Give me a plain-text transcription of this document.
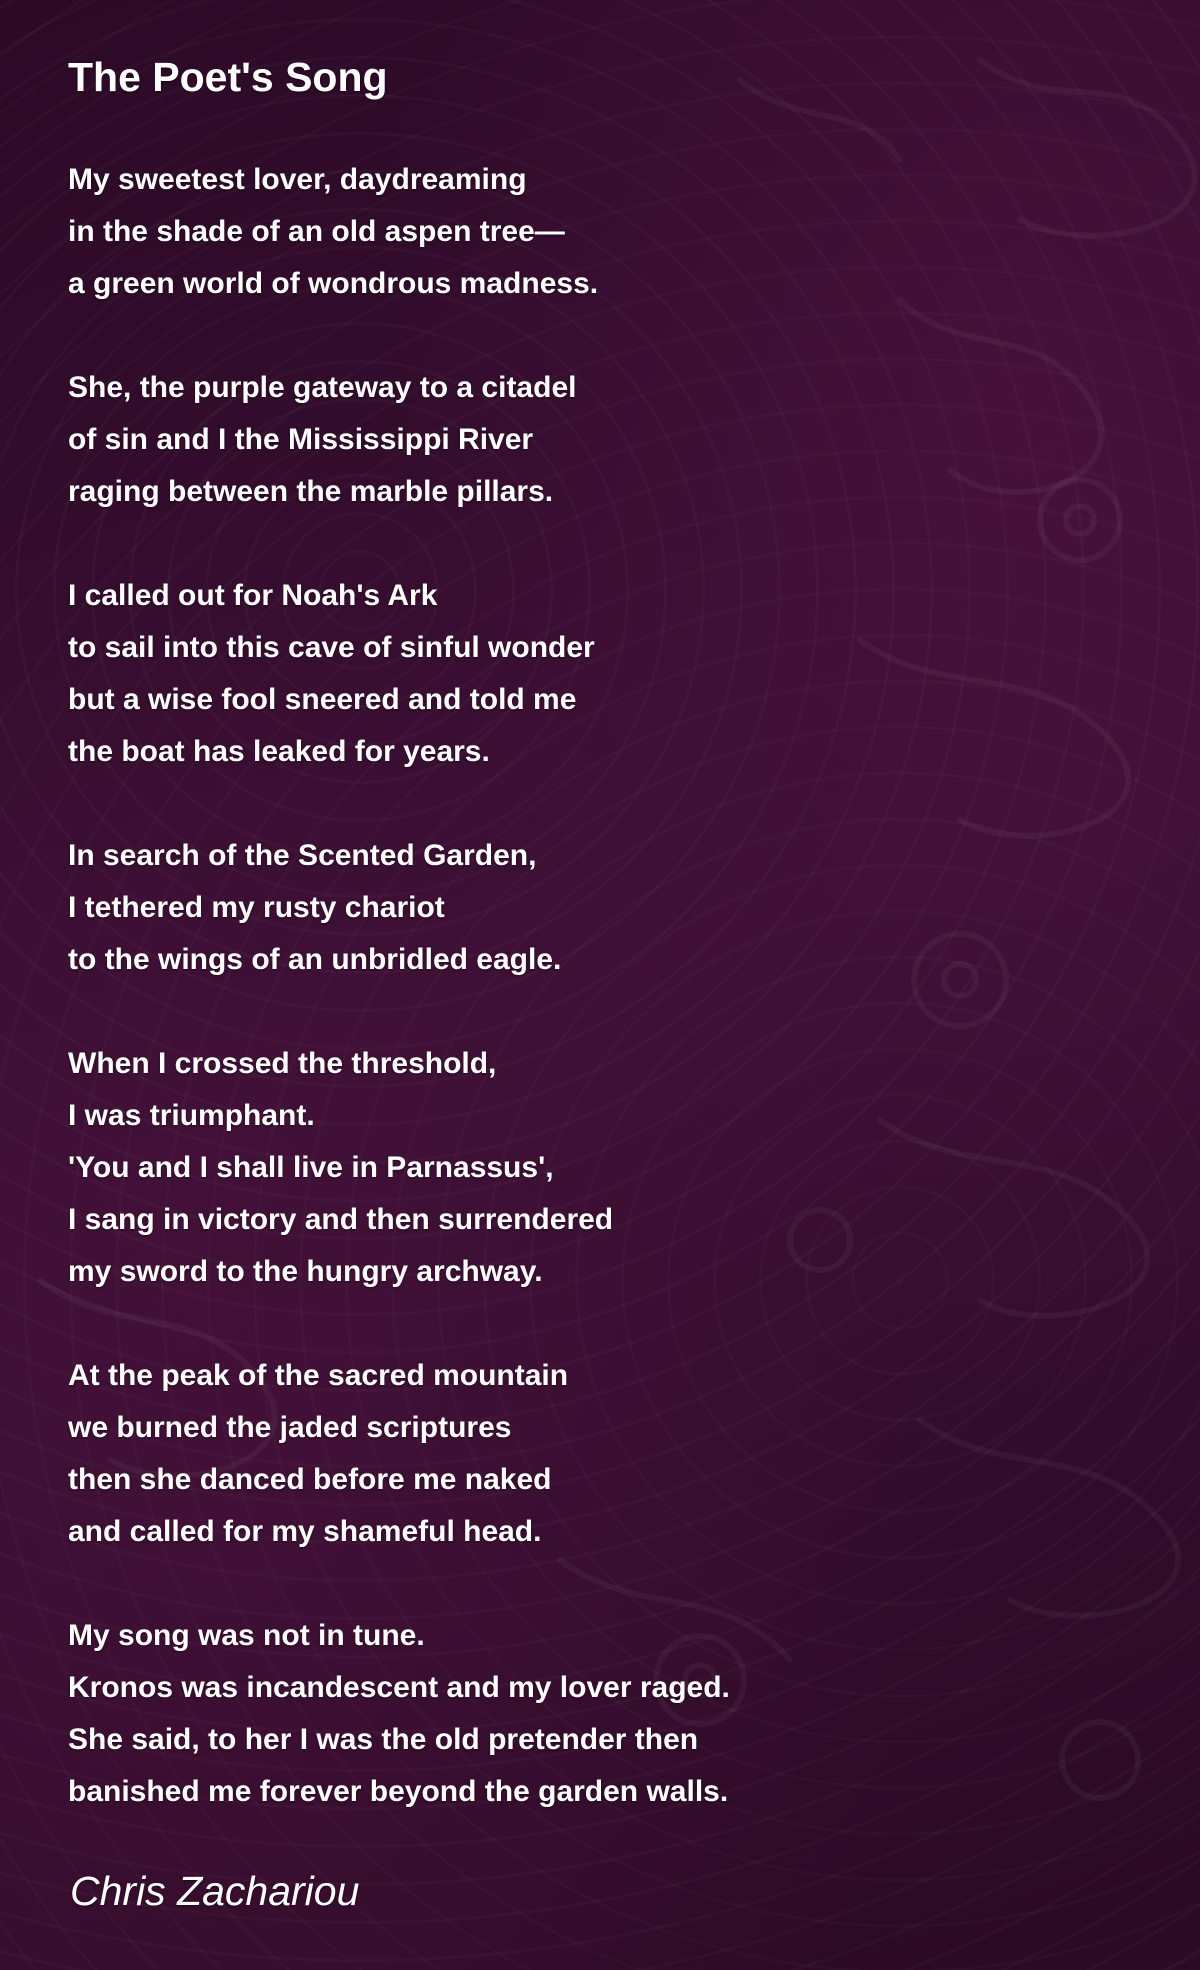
The Poet's Song
My sweetest lover, daydreaming
in the shade of an old aspen tree—
a green world of wondrous madness.
She, the purple gateway to a citadel
of sin and I the Mississippi River
raging between the marble pillars.
I called out for Noah's Ark
to sail into this cave of sinful wonder
but a wise fool sneered and told me
the boat has leaked for years.
In search of the Scented Garden,
I tethered my rusty chariot
to the wings of an unbridled eagle.
When I crossed the threshold,
I was triumphant.
'You and I shall live in Parnassus',
I sang in victory and then surrendered
my sword to the hungry archway.
At the peak of the sacred mountain
we burned the jaded scriptures
then she danced before me naked
and called for my shameful head.
My song was not in tune.
Kronos was incandescent and my lover raged.
She said, to her I was the old pretender then
banished me forever beyond the garden walls.
Chris Zachariou
